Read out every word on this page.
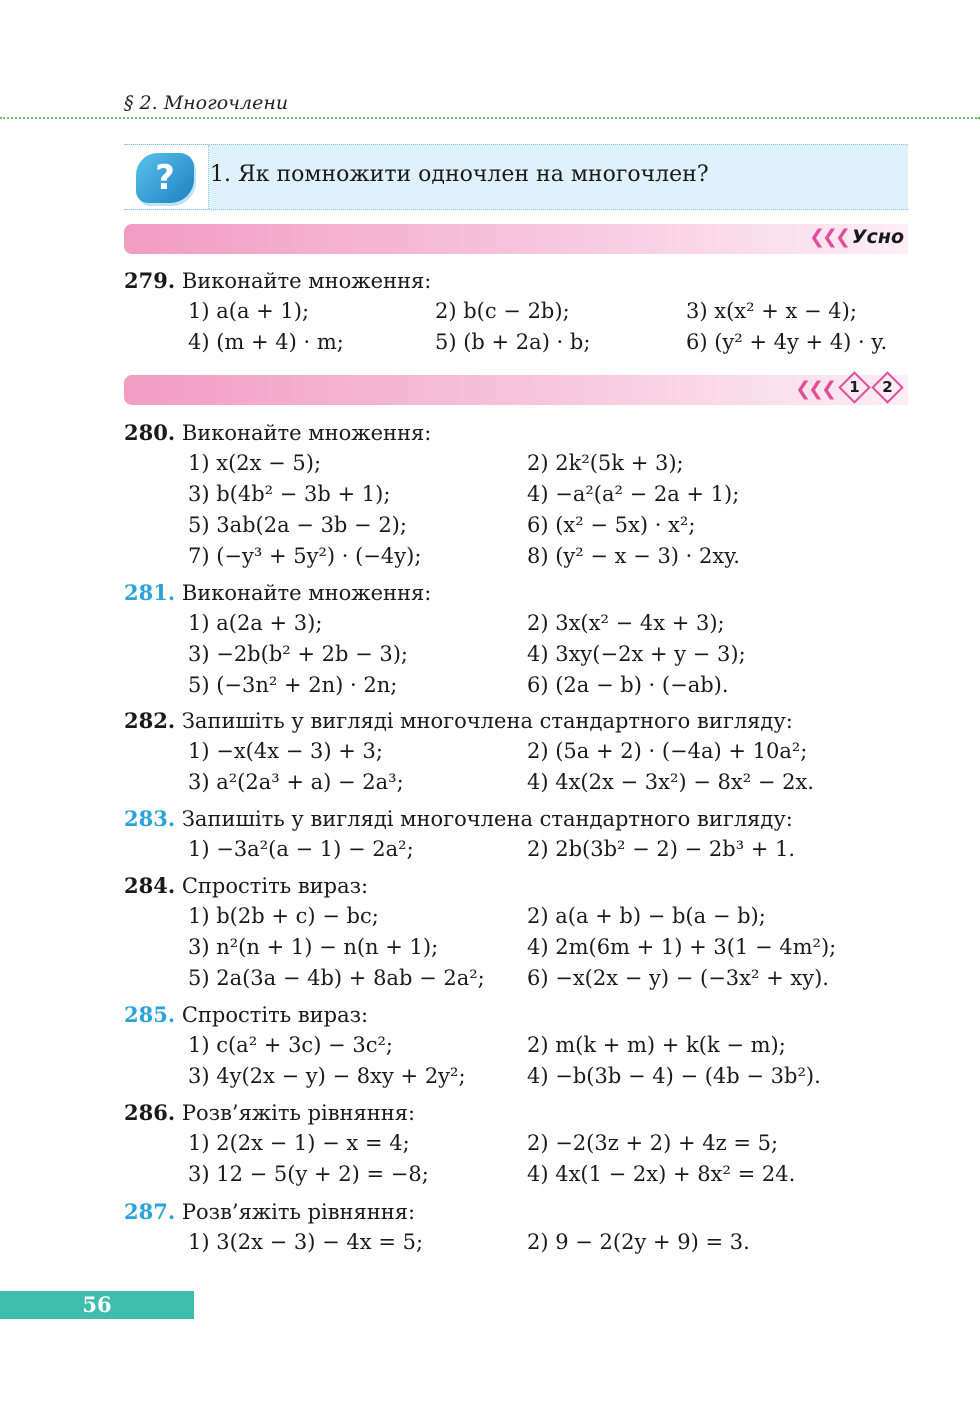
§ 2. Многочлени
?	1. Як помножити одночлен на многочлен?
❮❮❮ Усно
279. Виконайте множення:
1) a(a + 1);	2) b(c − 2b);	3) x(x² + x − 4);
4) (m + 4) · m;	5) (b + 2a) · b;	6) (y² + 4y + 4) · y.
❮❮❮ 1 2
280. Виконайте множення:
1) x(2x − 5);	2) 2k²(5k + 3);
3) b(4b² − 3b + 1);	4) −a²(a² − 2a + 1);
5) 3ab(2a − 3b − 2);	6) (x² − 5x) · x²;
7) (−y³ + 5y²) · (−4y);	8) (y² − x − 3) · 2xy.
281. Виконайте множення:
1) a(2a + 3);	2) 3x(x² − 4x + 3);
3) −2b(b² + 2b − 3);	4) 3xy(−2x + y − 3);
5) (−3n² + 2n) · 2n;	6) (2a − b) · (−ab).
282. Запишіть у вигляді многочлена стандартного вигляду:
1) −x(4x − 3) + 3;	2) (5a + 2) · (−4a) + 10a²;
3) a²(2a³ + a) − 2a³;	4) 4x(2x − 3x²) − 8x² − 2x.
283. Запишіть у вигляді многочлена стандартного вигляду:
1) −3a²(a − 1) − 2a²;	2) 2b(3b² − 2) − 2b³ + 1.
284. Спростіть вираз:
1) b(2b + c) − bc;	2) a(a + b) − b(a − b);
3) n²(n + 1) − n(n + 1);	4) 2m(6m + 1) + 3(1 − 4m²);
5) 2a(3a − 4b) + 8ab − 2a²; 6) −x(2x − y) − (−3x² + xy).
285. Спростіть вираз:
1) c(a² + 3c) − 3c²;	2) m(k + m) + k(k − m);
3) 4y(2x − y) − 8xy + 2y²;	4) −b(3b − 4) − (4b − 3b²).
286. Розв’яжіть рівняння:
1) 2(2x − 1) − x = 4;	2) −2(3z + 2) + 4z = 5;
3) 12 − 5(y + 2) = −8;	4) 4x(1 − 2x) + 8x² = 24.
287. Розв’яжіть рівняння:
1) 3(2x − 3) − 4x = 5;	2) 9 − 2(2y + 9) = 3.
56
